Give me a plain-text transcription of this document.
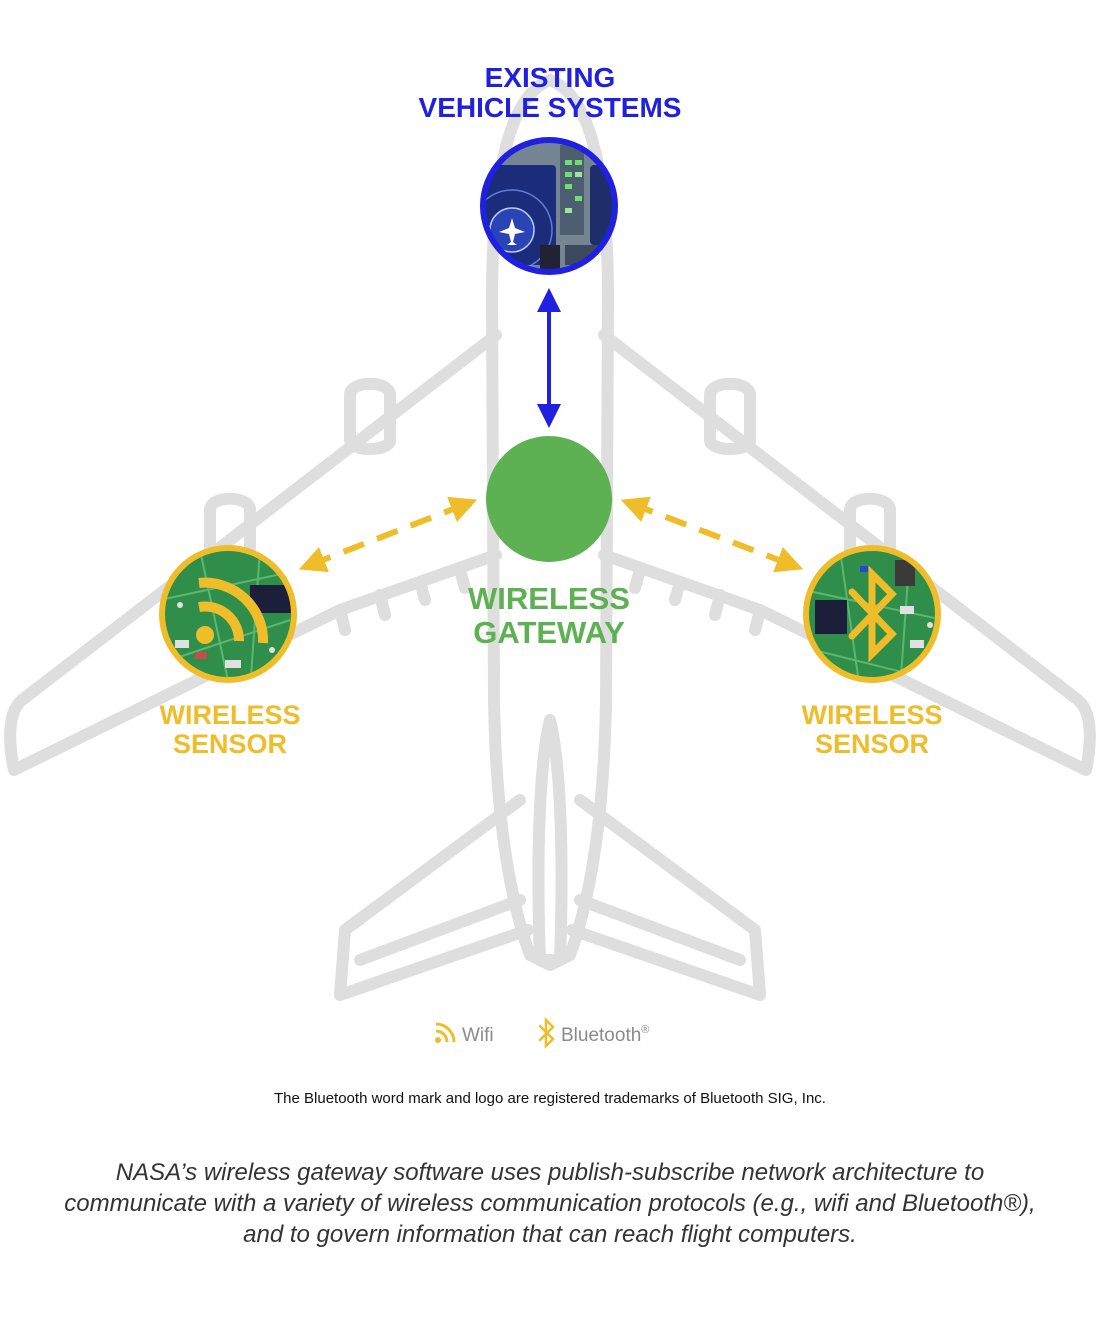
EXISTING
VEHICLE SYSTEMS
WIRELESS
GATEWAY
WIRELESS
SENSOR
WIRELESS
SENSOR
Wifi	Bluetooth®
The Bluetooth word mark and logo are registered trademarks of Bluetooth SIG, Inc.
NASA’s wireless gateway software uses publish-subscribe network architecture to communicate with a variety of wireless communication protocols (e.g., wifi and Bluetooth®), and to govern information that can reach flight computers.
